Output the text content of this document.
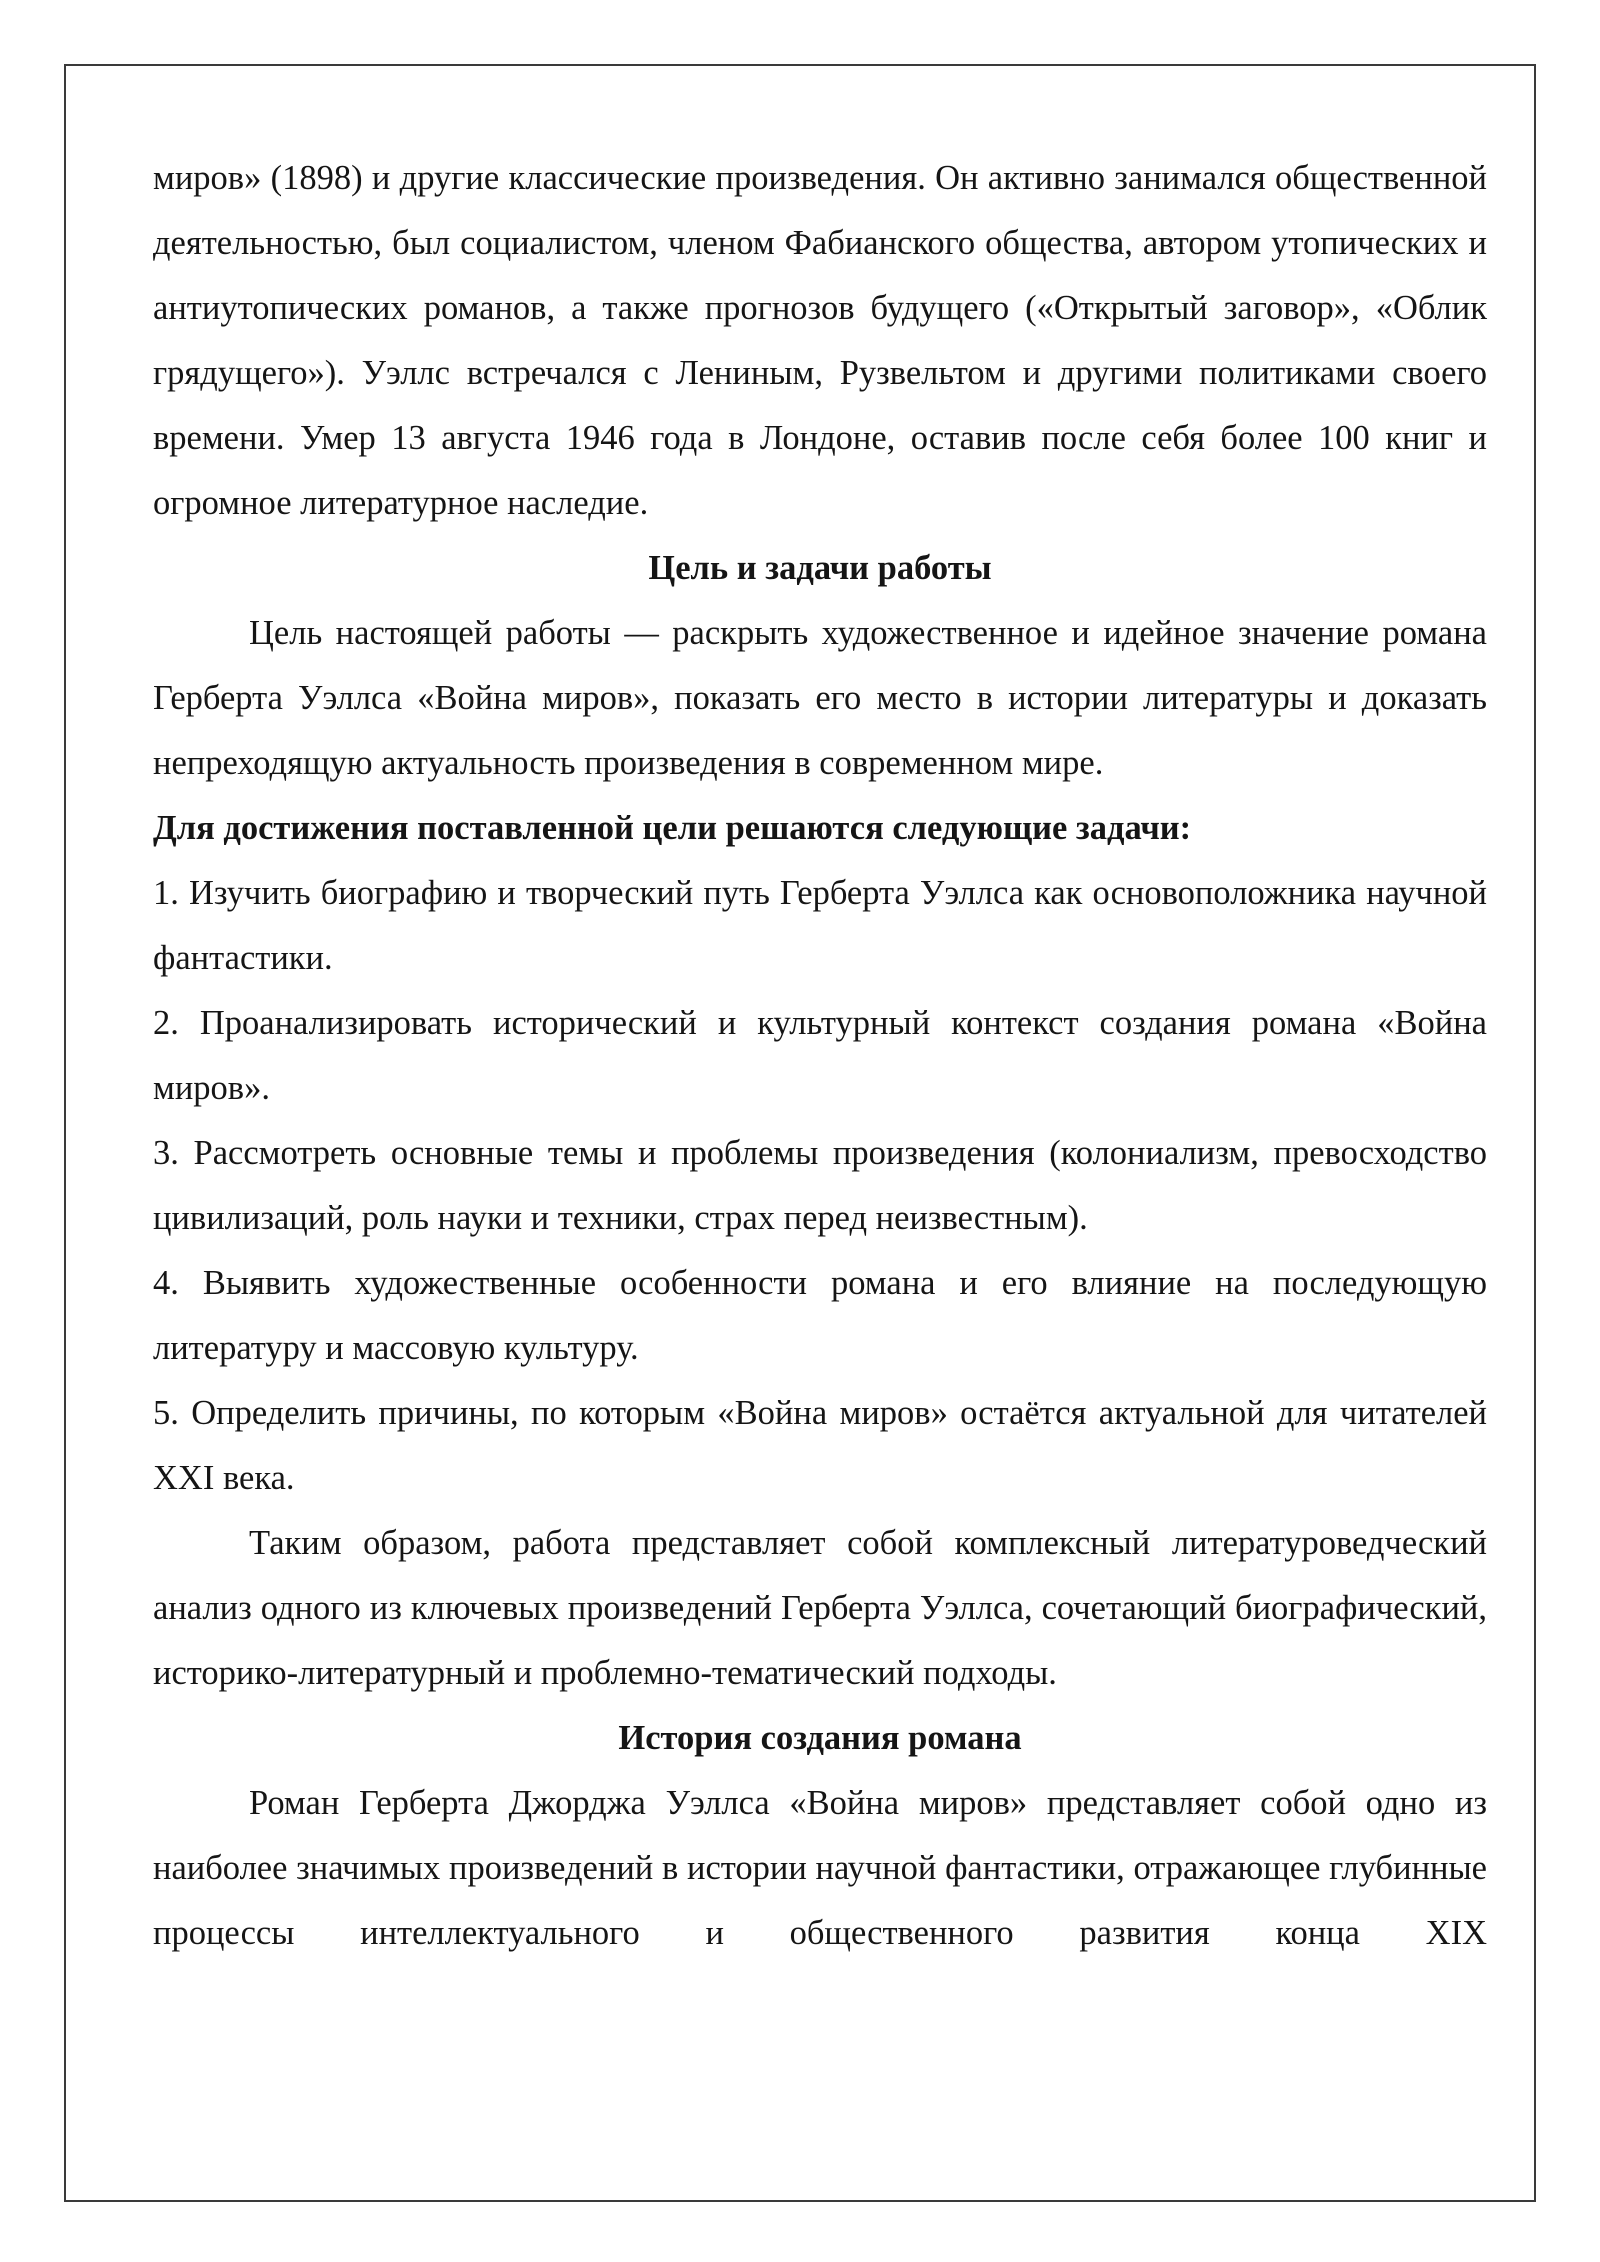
миров» (1898) и другие классические произведения. Он активно занимался общественной деятельностью, был социалистом, членом Фабианского общества, автором утопических и антиутопических романов, а также прогнозов будущего («Открытый заговор», «Облик грядущего»). Уэллс встречался с Лениным, Рузвельтом и другими политиками своего времени. Умер 13 августа 1946 года в Лондоне, оставив после себя более 100 книг и огромное литературное наследие.

Цель и задачи работы

Цель настоящей работы — раскрыть художественное и идейное значение романа Герберта Уэллса «Война миров», показать его место в истории литературы и доказать непреходящую актуальность произведения в современном мире.

Для достижения поставленной цели решаются следующие задачи:

1. Изучить биографию и творческий путь Герберта Уэллса как основоположника научной фантастики.
2. Проанализировать исторический и культурный контекст создания романа «Война миров».
3. Рассмотреть основные темы и проблемы произведения (колониализм, превосходство цивилизаций, роль науки и техники, страх перед неизвестным).
4. Выявить художественные особенности романа и его влияние на последующую литературу и массовую культуру.
5. Определить причины, по которым «Война миров» остаётся актуальной для читателей XXI века.

Таким образом, работа представляет собой комплексный литературоведческий анализ одного из ключевых произведений Герберта Уэллса, сочетающий биографический, историко-литературный и проблемно-тематический подходы.

История создания романа

Роман Герберта Джорджа Уэллса «Война миров» представляет собой одно из наиболее значимых произведений в истории научной фантастики, отражающее глубинные процессы интеллектуального и общественного развития конца XIX
